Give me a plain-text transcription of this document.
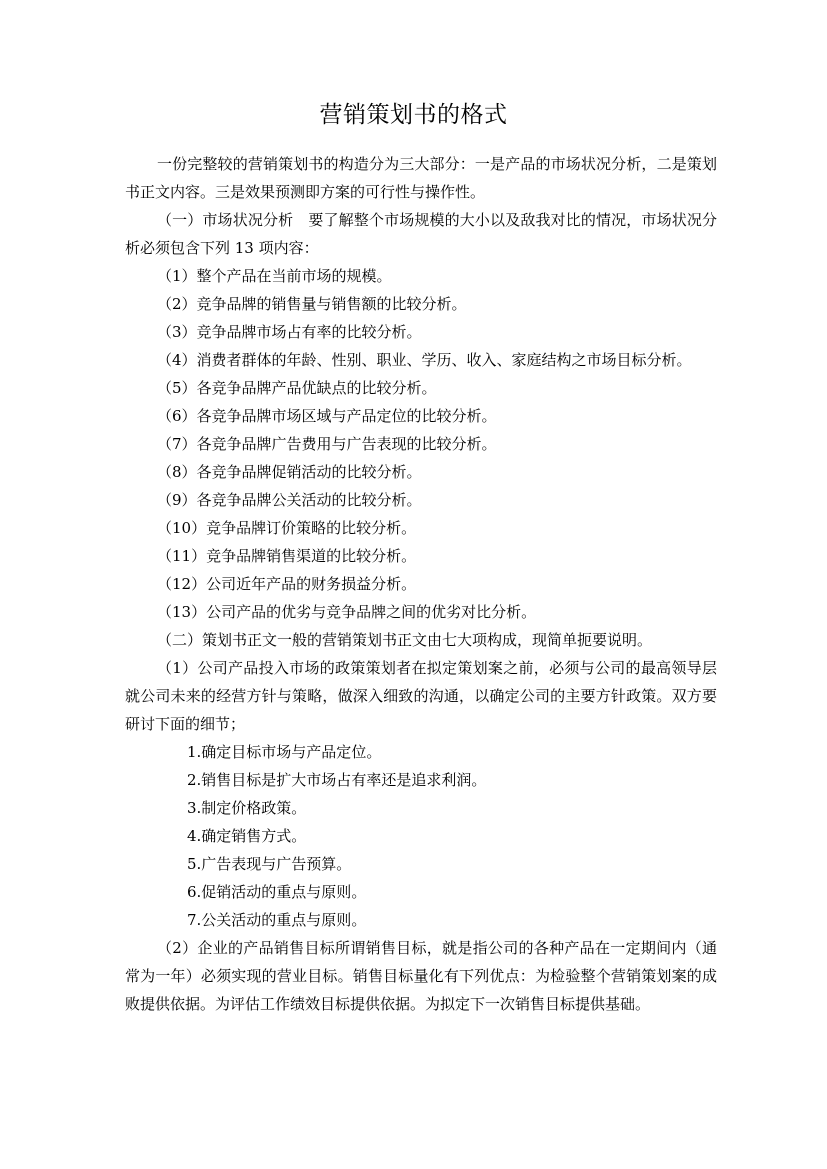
营销策划书的格式

一份完整较的营销策划书的构造分为三大部分：一是产品的市场状况分析，二是策划书正文内容。三是效果预测即方案的可行性与操作性。

（一）市场状况分析　要了解整个市场规模的大小以及敌我对比的情况，市场状况分析必须包含下列 13 项内容：

（1）整个产品在当前市场的规模。

（2）竞争品牌的销售量与销售额的比较分析。

（3）竞争品牌市场占有率的比较分析。

（4）消费者群体的年龄、性别、职业、学历、收入、家庭结构之市场目标分析。

（5）各竞争品牌产品优缺点的比较分析。

（6）各竞争品牌市场区域与产品定位的比较分析。

（7）各竞争品牌广告费用与广告表现的比较分析。

（8）各竞争品牌促销活动的比较分析。

（9）各竞争品牌公关活动的比较分析。

（10）竞争品牌订价策略的比较分析。

（11）竞争品牌销售渠道的比较分析。

（12）公司近年产品的财务损益分析。

（13）公司产品的优劣与竞争品牌之间的优劣对比分析。

（二）策划书正文一般的营销策划书正文由七大项构成，现简单扼要说明。

（1）公司产品投入市场的政策策划者在拟定策划案之前，必须与公司的最高领导层就公司未来的经营方针与策略，做深入细致的沟通，以确定公司的主要方针政策。双方要研讨下面的细节；

1.确定目标市场与产品定位。

2.销售目标是扩大市场占有率还是追求利润。

3.制定价格政策。

4.确定销售方式。

5.广告表现与广告预算。

6.促销活动的重点与原则。

7.公关活动的重点与原则。

（2）企业的产品销售目标所谓销售目标，就是指公司的各种产品在一定期间内（通常为一年）必须实现的营业目标。销售目标量化有下列优点：为检验整个营销策划案的成败提供依据。为评估工作绩效目标提供依据。为拟定下一次销售目标提供基础。
